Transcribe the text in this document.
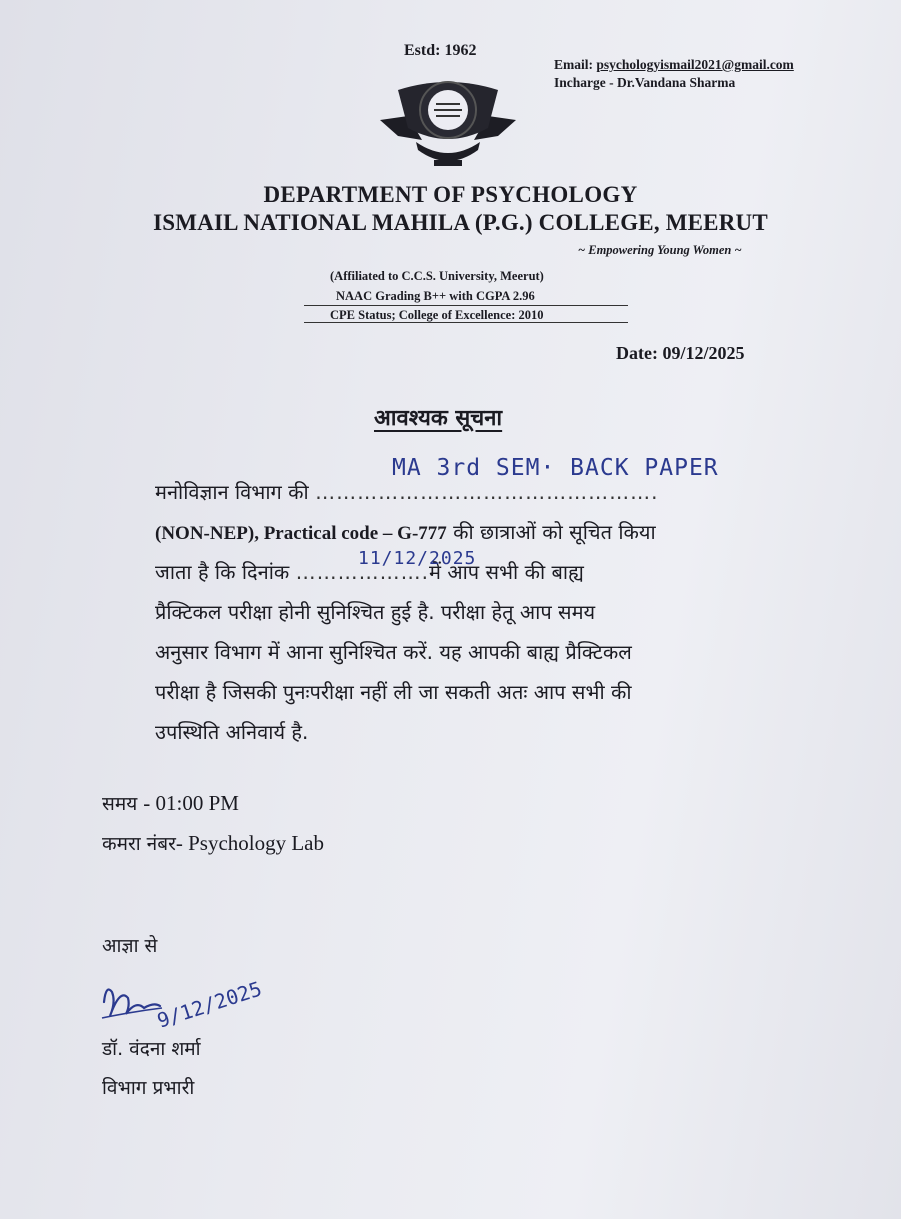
Estd: 1962
Email: psychologyismail2021@gmail.com
Incharge - Dr.Vandana Sharma
DEPARTMENT OF PSYCHOLOGY
ISMAIL NATIONAL MAHILA (P.G.) COLLEGE, MEERUT
~ Empowering Young Women ~
(Affiliated to C.C.S. University, Meerut)
NAAC Grading B++ with CGPA 2.96
CPE Status; College of Excellence: 2010
Date: 09/12/2025
आवश्यक सूचना
मनोविज्ञान विभाग की ………………………………………….
MA 3rd SEM· BACK PAPER
(NON-NEP), Practical code – G-777 की छात्राओं को सूचित किया
जाता है कि दिनांक ……………….में आप सभी की बाह्य
11/12/2025
प्रैक्टिकल परीक्षा होनी सुनिश्चित हुई है. परीक्षा हेतू आप समय
अनुसार विभाग में आना सुनिश्चित करें. यह आपकी बाह्य प्रैक्टिकल
परीक्षा है जिसकी पुनःपरीक्षा नहीं ली जा सकती अतः आप सभी की
उपस्थिति अनिवार्य है.
समय - 01:00 PM
कमरा नंबर- Psychology Lab
आज्ञा से
9/12/2025
डॉ. वंदना शर्मा
विभाग प्रभारी
